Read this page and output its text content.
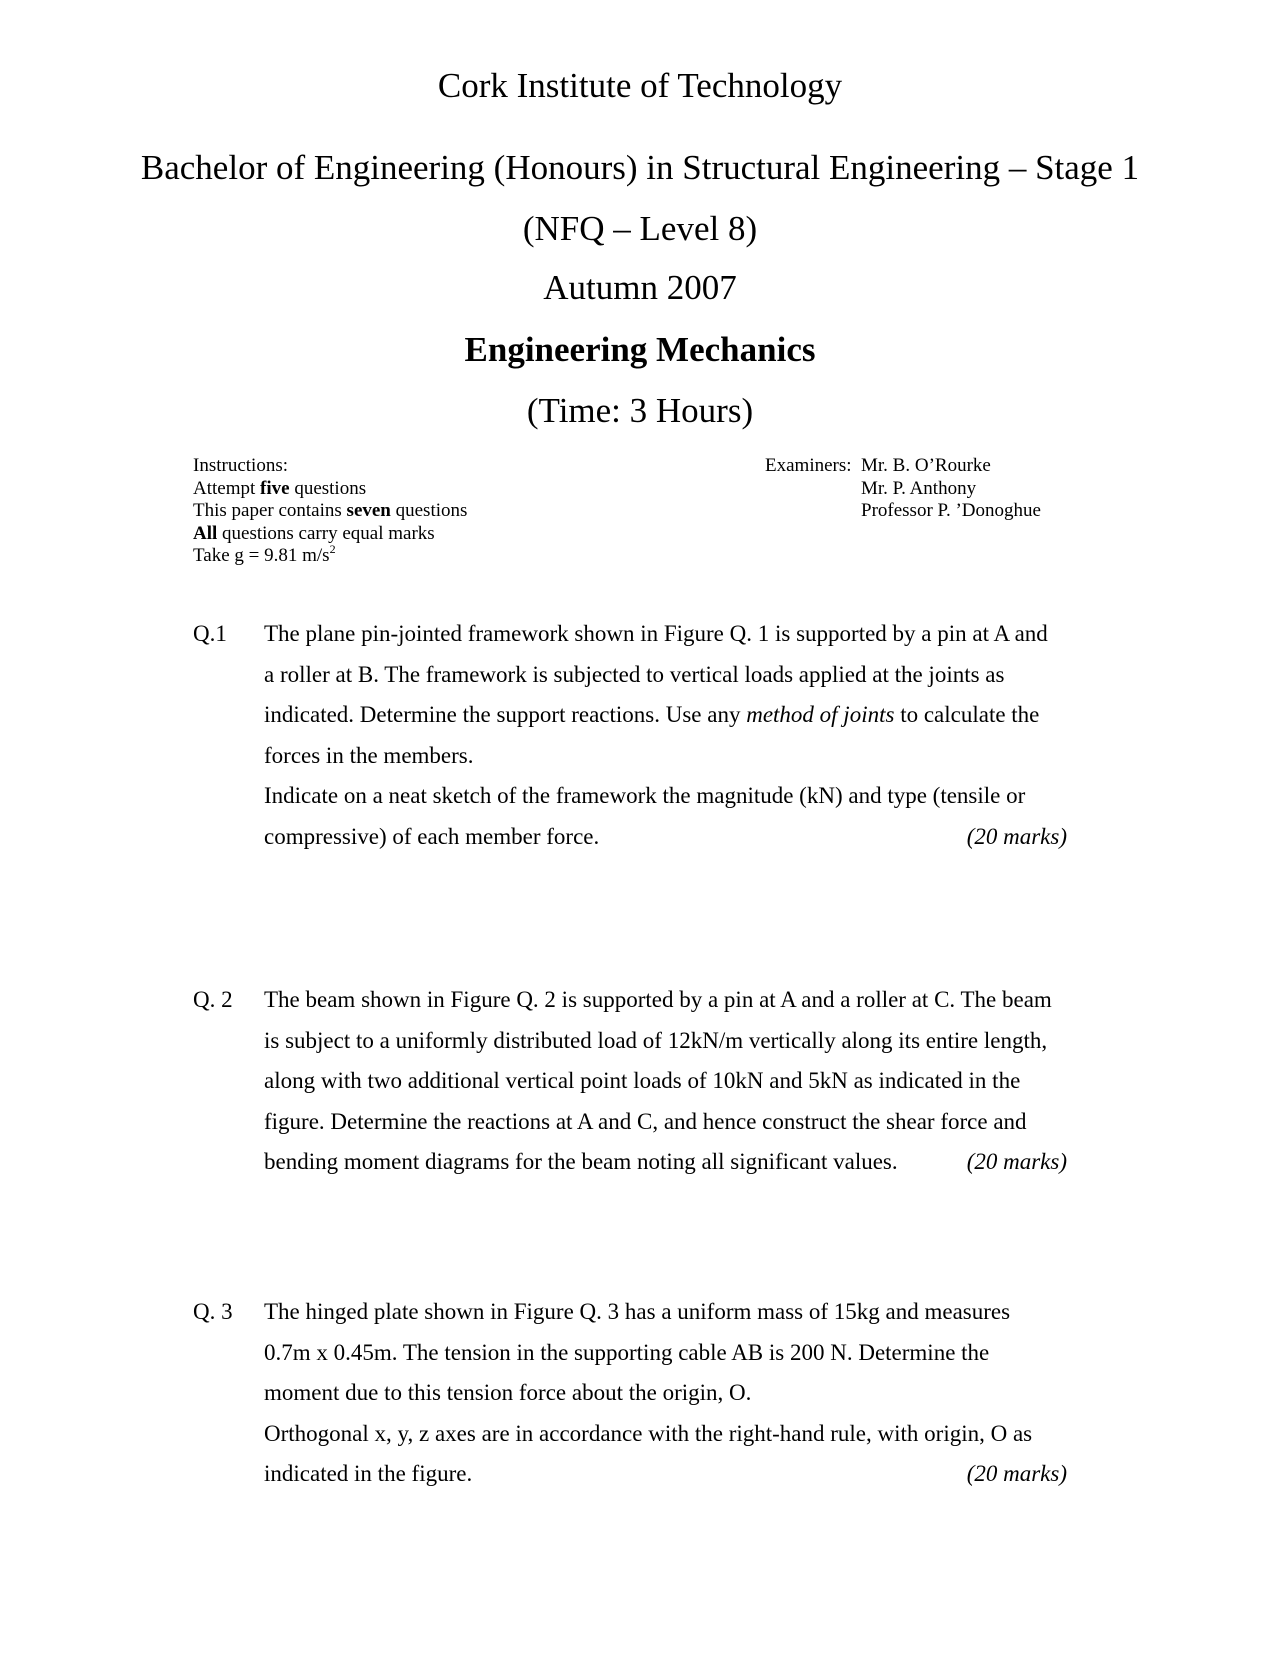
Cork Institute of Technology
Bachelor of Engineering (Honours) in Structural Engineering – Stage 1
(NFQ – Level 8)
Autumn 2007
Engineering Mechanics
(Time: 3 Hours)
Instructions:
Attempt five questions
This paper contains seven questions
All questions carry equal marks
Take g = 9.81 $m/s^2$
Examiners: Mr. B. O’Rourke
Mr. P. Anthony
Professor P. ’Donoghue
Q.1 The plane pin-jointed framework shown in Figure Q. 1 is supported by a pin at A and
a roller at B. The framework is subjected to vertical loads applied at the joints as
indicated. Determine the support reactions. Use any method of joints to calculate the
forces in the members.
Indicate on a neat sketch of the framework the magnitude (kN) and type (tensile or
compressive) of each member force.	(20 marks)
Q. 2 The beam shown in Figure Q. 2 is supported by a pin at A and a roller at C. The beam
is subject to a uniformly distributed load of 12kN/m vertically along its entire length,
along with two additional vertical point loads of 10kN and 5kN as indicated in the
figure. Determine the reactions at A and C, and hence construct the shear force and
bending moment diagrams for the beam noting all significant values.	(20 marks)
Q. 3 The hinged plate shown in Figure Q. 3 has a uniform mass of 15kg and measures
0.7m x 0.45m. The tension in the supporting cable AB is 200 N. Determine the
moment due to this tension force about the origin, O.
Orthogonal x, y, z axes are in accordance with the right-hand rule, with origin, O as
indicated in the figure.	(20 marks)
